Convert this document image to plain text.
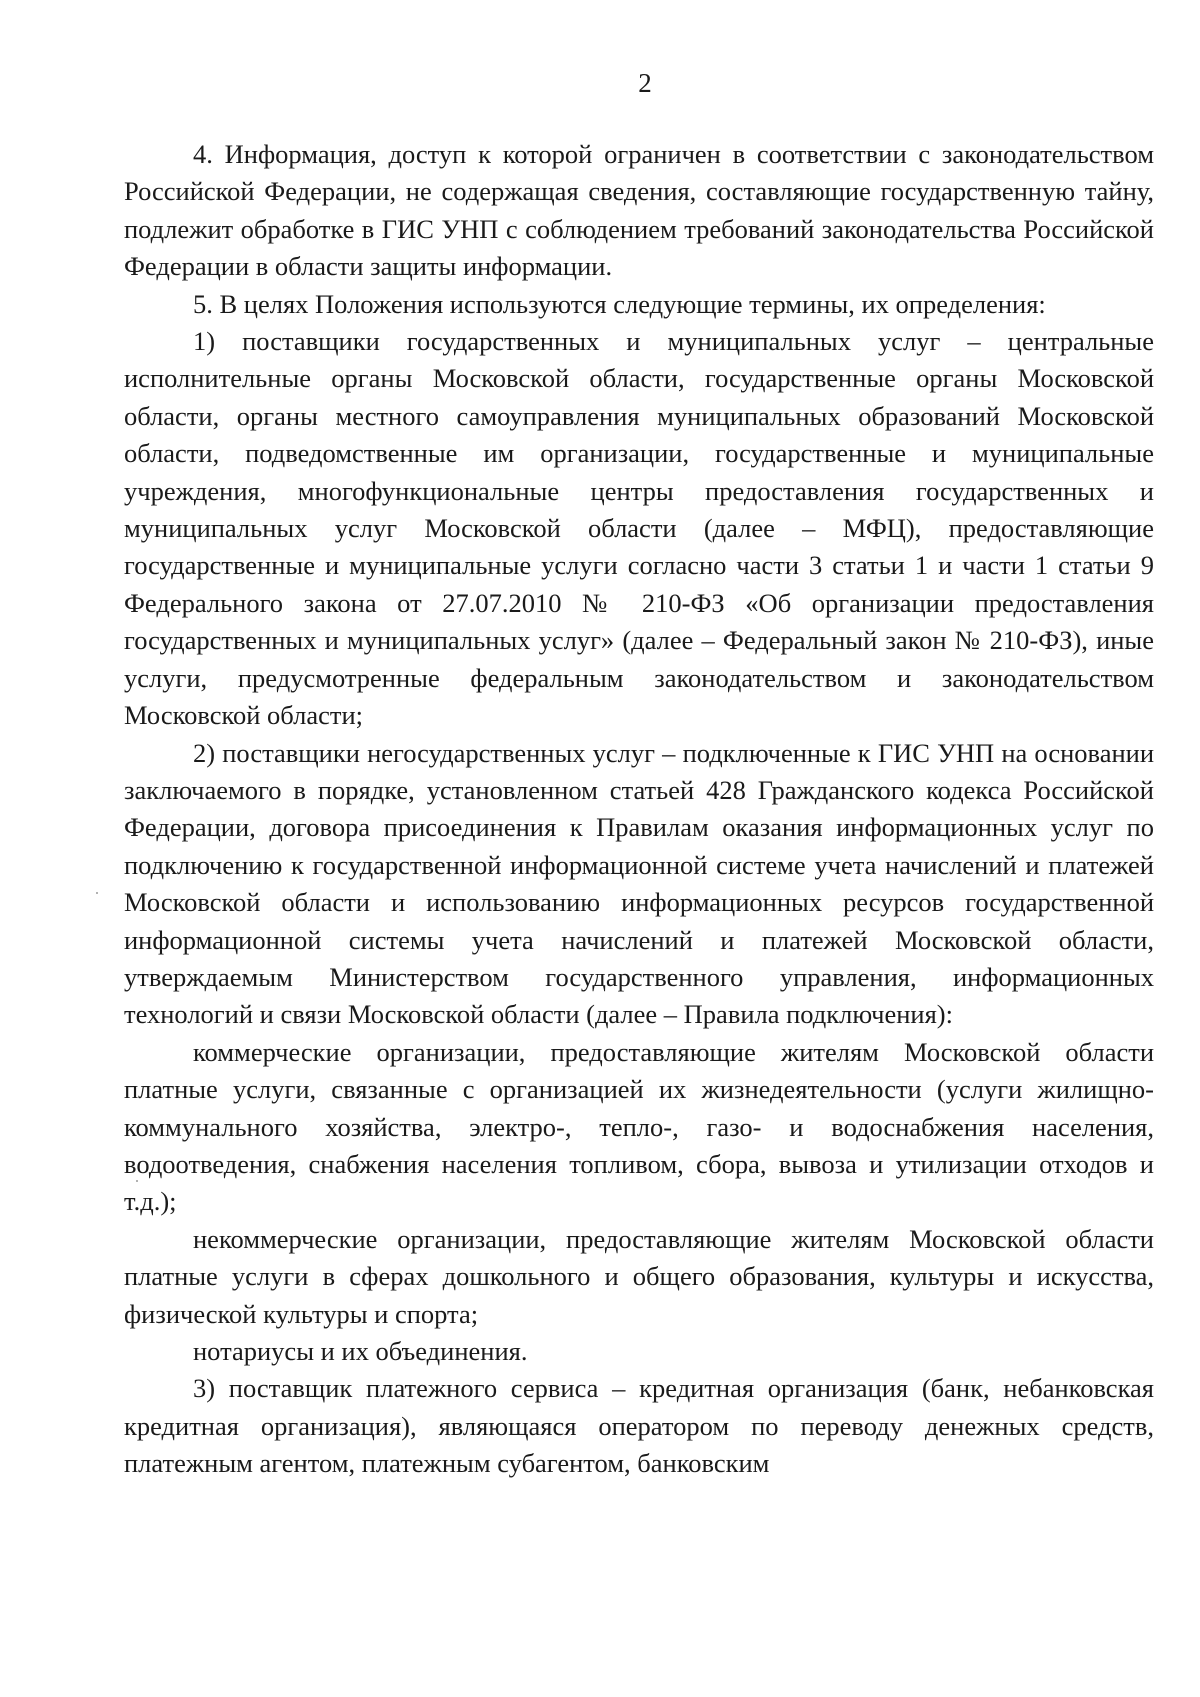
2

4. Информация, доступ к которой ограничен в соответствии с законодательством Российской Федерации, не содержащая сведения, составляющие государственную тайну, подлежит обработке в ГИС УНП с соблюдением требований законодательства Российской Федерации в области защиты информации.

5. В целях Положения используются следующие термины, их определения:

1) поставщики государственных и муниципальных услуг – центральные исполнительные органы Московской области, государственные органы Московской области, органы местного самоуправления муниципальных образований Московской области, подведомственные им организации, государственные и муниципальные учреждения, многофункциональные центры предоставления государственных и муниципальных услуг Московской области (далее – МФЦ), предоставляющие государственные и муниципальные услуги согласно части 3 статьи 1 и части 1 статьи 9 Федерального закона от 27.07.2010 № 210-ФЗ «Об организации предоставления государственных и муниципальных услуг» (далее – Федеральный закон № 210-ФЗ), иные услуги, предусмотренные федеральным законодательством и законодательством Московской области;

2) поставщики негосударственных услуг – подключенные к ГИС УНП на основании заключаемого в порядке, установленном статьей 428 Гражданского кодекса Российской Федерации, договора присоединения к Правилам оказания информационных услуг по подключению к государственной информационной системе учета начислений и платежей Московской области и использованию информационных ресурсов государственной информационной системы учета начислений и платежей Московской области, утверждаемым Министерством государственного управления, информационных технологий и связи Московской области (далее – Правила подключения):

коммерческие организации, предоставляющие жителям Московской области платные услуги, связанные с организацией их жизнедеятельности (услуги жилищно-коммунального хозяйства, электро-, тепло-, газо- и водоснабжения населения, водоотведения, снабжения населения топливом, сбора, вывоза и утилизации отходов и т.д.);

некоммерческие организации, предоставляющие жителям Московской области платные услуги в сферах дошкольного и общего образования, культуры и искусства, физической культуры и спорта;

нотариусы и их объединения.

3) поставщик платежного сервиса – кредитная организация (банк, небанковская кредитная организация), являющаяся оператором по переводу денежных средств, платежным агентом, платежным субагентом, банковским
